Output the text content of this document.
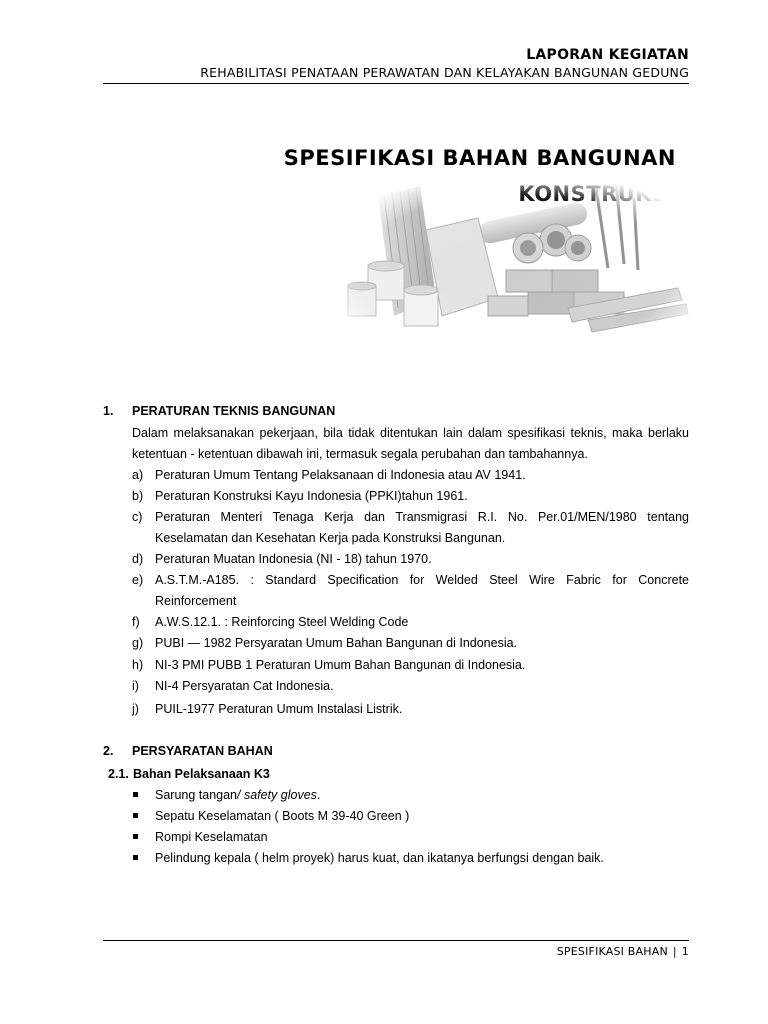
LAPORAN KEGIATAN
REHABILITASI PENATAAN PERAWATAN DAN KELAYAKAN BANGUNAN GEDUNG
SPESIFIKASI BAHAN BANGUNAN
1. PERATURAN TEKNIS BANGUNAN
Dalam melaksanakan pekerjaan, bila tidak ditentukan lain dalam spesifikasi teknis, maka berlaku ketentuan - ketentuan dibawah ini, termasuk segala perubahan dan tambahannya.
a) Peraturan Umum Tentang Pelaksanaan di Indonesia atau AV 1941.
b) Peraturan Konstruksi Kayu Indonesia (PPKI)tahun 1961.
c) Peraturan Menteri Tenaga Kerja dan Transmigrasi R.I. No. Per.01/MEN/1980 tentang Keselamatan dan Kesehatan Kerja pada Konstruksi Bangunan.
d) Peraturan Muatan Indonesia (NI - 18) tahun 1970.
e) A.S.T.M.-A185. : Standard Specification for Welded Steel Wire Fabric for Concrete Reinforcement
f) A.W.S.12.1. : Reinforcing Steel Welding Code
g) PUBI — 1982 Persyaratan Umum Bahan Bangunan di Indonesia.
h) NI-3 PMI PUBB 1 Peraturan Umum Bahan Bangunan di Indonesia.
i) NI-4 Persyaratan Cat Indonesia.
j) PUIL-1977 Peraturan Umum Instalasi Listrik.
2. PERSYARATAN BAHAN
2.1. Bahan Pelaksanaan K3
Sarung tangan/ safety gloves.
Sepatu Keselamatan ( Boots M 39-40 Green )
Rompi Keselamatan
Pelindung kepala ( helm proyek) harus kuat, dan ikatanya berfungsi dengan baik.
SPESIFIKASI BAHAN | 1
